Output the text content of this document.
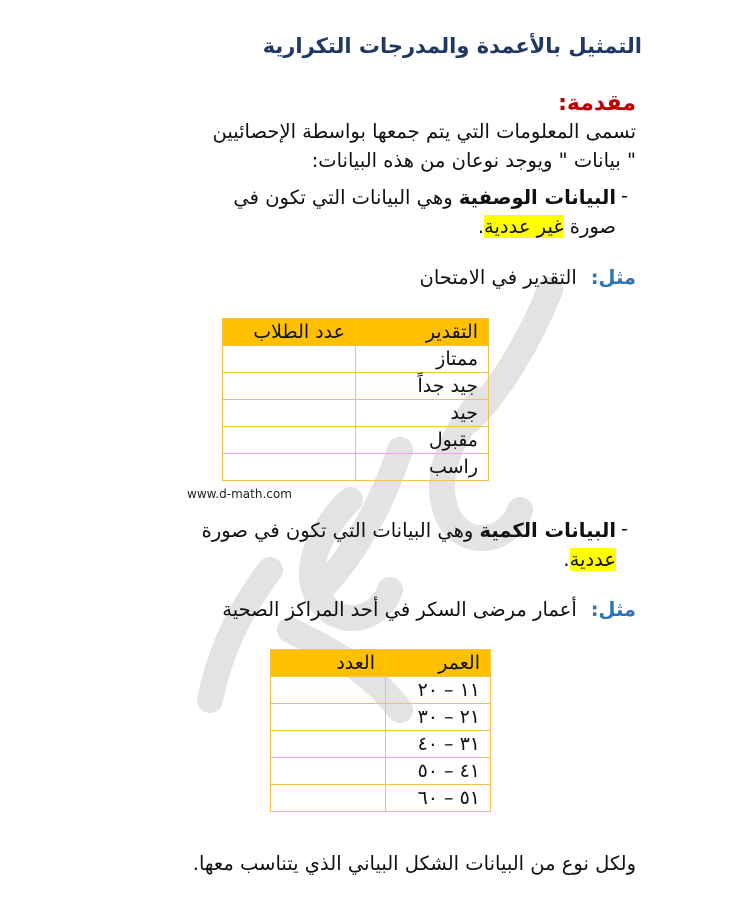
التمثيل بالأعمدة والمدرجات التكرارية
مقدمة:
تسمى المعلومات التي يتم جمعها بواسطة الإحصائيين
" بيانات " ويوجد نوعان من هذه البيانات:
-
البيانات الوصفية وهي البيانات التي تكون في
صورة غير عددية.
مثل:التقدير في الامتحان
التقدير	عدد الطلاب
ممتاز	
جيد جداً	
جيد	
مقبول	
راسب	
www.d-math.com
-
البيانات الكمية وهي البيانات التي تكون في صورة
عددية.
مثل:أعمار مرضى السكر في أحد المراكز الصحية
العمر	العدد
١١ – ٢٠	
٢١ – ٣٠	
٣١ – ٤٠	
٤١ – ٥٠	
٥١ – ٦٠	
ولكل نوع من البيانات الشكل البياني الذي يتناسب معها.
